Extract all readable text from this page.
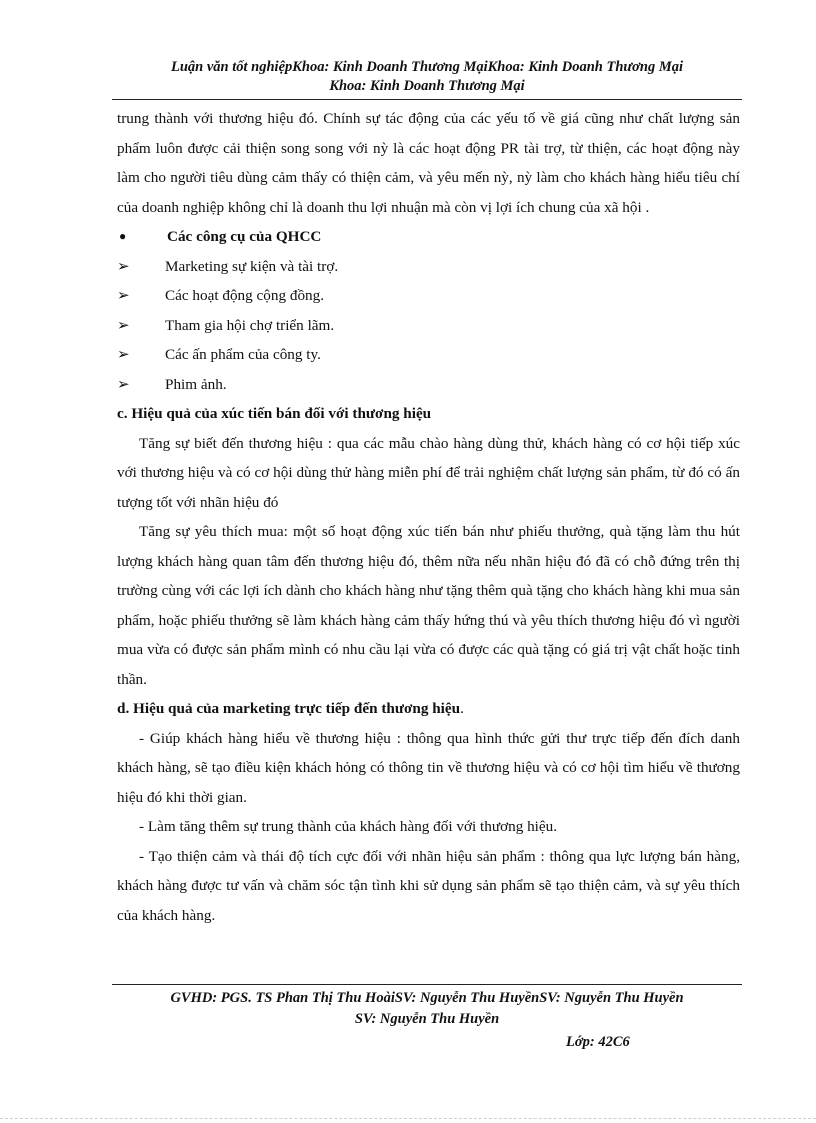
Luận văn tốt nghiệpKhoa: Kinh Doanh Thương MạiKhoa: Kinh Doanh Thương Mại
Khoa: Kinh Doanh Thương Mại

trung thành với thương hiệu đó. Chính sự tác động của các yếu tố về giá cũng như chất lượng sản phẩm luôn được cải thiện song song với nỳ là các hoạt động PR tài trợ, từ thiện, các hoạt động này làm cho người tiêu dùng cảm thấy có thiện cảm, và yêu mến nỳ, nỳ làm cho khách hàng hiểu tiêu chí của doanh nghiệp không chỉ là doanh thu lợi nhuận mà còn vị lợi ích chung của xã hội .

●	Các công cụ của QHCC
➢	Marketing sự kiện và tài trợ.
➢	Các hoạt động cộng đồng.
➢	Tham gia hội chợ triển lãm.
➢	Các ấn phẩm của công ty.
➢	Phim ảnh.

c. Hiệu quả của xúc tiến bán đối với thương hiệu

Tăng sự biết đến thương hiệu : qua các mẫu chào hàng dùng thử, khách hàng có cơ hội tiếp xúc với thương hiệu và có cơ hội dùng thử hàng miễn phí để trải nghiệm chất lượng sản phẩm, từ đó có ấn tượng tốt với nhãn hiệu đó

Tăng sự yêu thích mua: một số hoạt động xúc tiến bán như phiếu thưởng, quà tặng làm thu hút lượng khách hàng quan tâm đến thương hiệu đó, thêm nữa nếu nhãn hiệu đó đã có chỗ đứng trên thị trường cùng với các lợi ích dành cho khách hàng như tặng thêm quà tặng cho khách hàng khi mua sản phẩm, hoặc phiếu thưởng sẽ làm khách hàng cảm thấy hứng thú và yêu thích thương hiệu đó vì người mua vừa có được sản phẩm mình có nhu cầu lại vừa có được các quà tặng có giá trị vật chất hoặc tinh thần.

d. Hiệu quả của marketing trực tiếp đến thương hiệu.

- Giúp khách hàng hiểu về thương hiệu : thông qua hình thức gửi thư trực tiếp đến đích danh khách hàng, sẽ tạo điều kiện khách hỏng có thông tin về thương hiệu và có cơ hội tìm hiểu về thương hiệu đó khi thời gian.

- Làm tăng thêm sự trung thành của khách hàng đối với thương hiệu.

- Tạo thiện cảm và thái độ tích cực đối với nhãn hiệu sản phẩm : thông qua lực lượng bán hàng, khách hàng được tư vấn và chăm sóc tận tình khi sử dụng sản phẩm sẽ tạo thiện cảm, và sự yêu thích của khách hàng.

GVHD: PGS. TS Phan Thị Thu HoàiSV: Nguyễn Thu HuyềnSV: Nguyễn Thu Huyền
SV: Nguyễn Thu Huyền
Lớp: 42C6
